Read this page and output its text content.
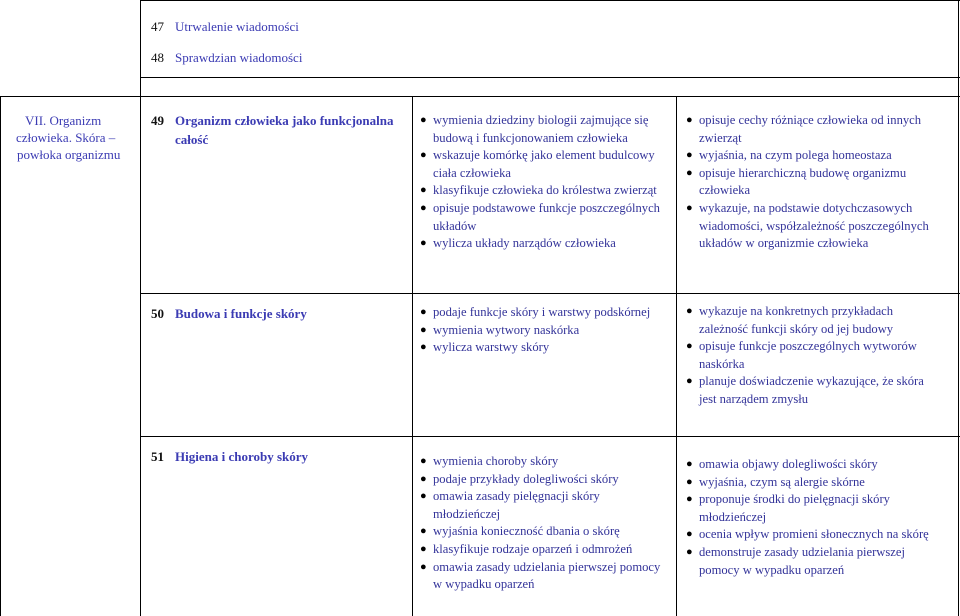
47 Utrwalenie wiadomości
48 Sprawdzian wiadomości
VII. Organizm
człowieka. Skóra –
powłoka organizmu
49 Organizm człowieka jako funkcjonalna
całość
● wymienia dziedziny biologii zajmujące się
budową i funkcjonowaniem człowieka
● wskazuje komórkę jako element budulcowy
ciała człowieka
● klasyfikuje człowieka do królestwa zwierząt
● opisuje podstawowe funkcje poszczególnych
układów
● wylicza układy narządów człowieka
● opisuje cechy różniące człowieka od innych
zwierząt
● wyjaśnia, na czym polega homeostaza
● opisuje hierarchiczną budowę organizmu
człowieka
● wykazuje, na podstawie dotychczasowych
wiadomości, współzależność poszczególnych
układów w organizmie człowieka
50 Budowa i funkcje skóry	● podaje funkcje skóry i warstwy podskórnej
● wymienia wytwory naskórka
● wylicza warstwy skóry
● wykazuje na konkretnych przykładach
zależność funkcji skóry od jej budowy
● opisuje funkcje poszczególnych wytworów
naskórka
● planuje doświadczenie wykazujące, że skóra
jest narządem zmysłu
51 Higiena i choroby skóry	● wymienia choroby skóry
● podaje przykłady dolegliwości skóry
● omawia zasady pielęgnacji skóry
młodzieńczej
● wyjaśnia konieczność dbania o skórę
● klasyfikuje rodzaje oparzeń i odmrożeń
● omawia zasady udzielania pierwszej pomocy
w wypadku oparzeń
● omawia objawy dolegliwości skóry
● wyjaśnia, czym są alergie skórne
● proponuje środki do pielęgnacji skóry
młodzieńczej
● ocenia wpływ promieni słonecznych na skórę
● demonstruje zasady udzielania pierwszej
pomocy w wypadku oparzeń
